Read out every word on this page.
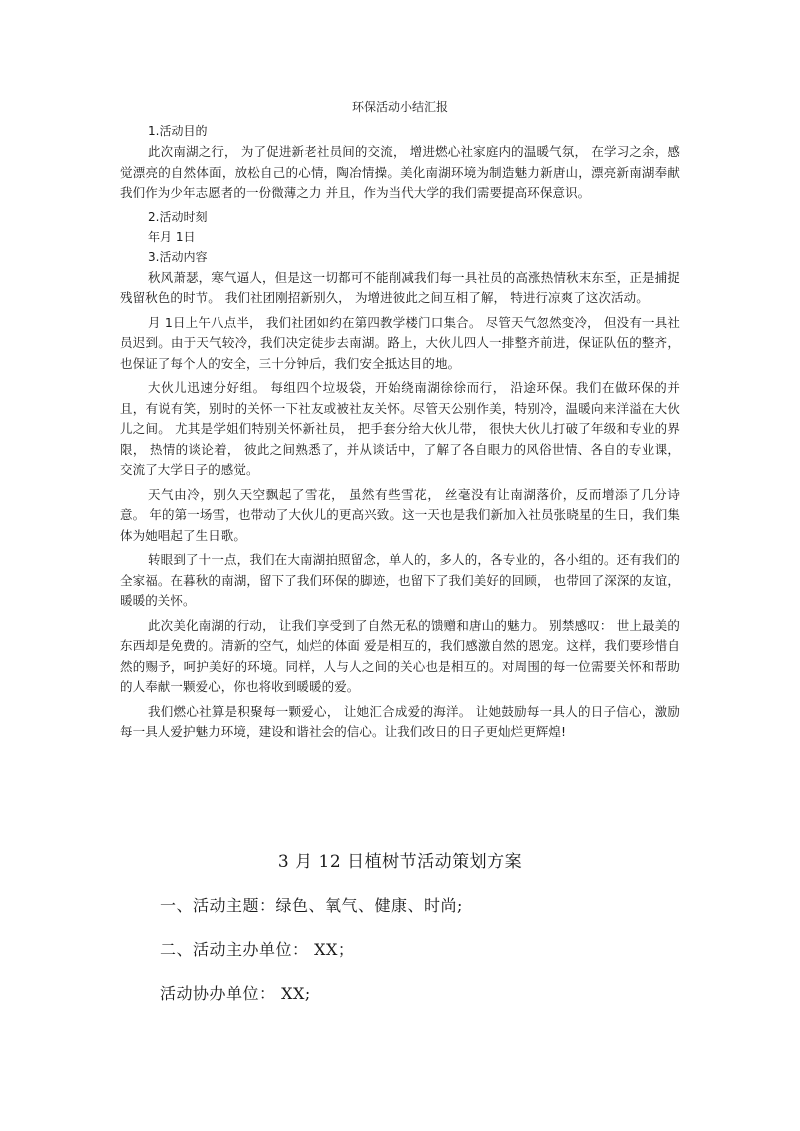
环保活动小结汇报
1.活动目的
此次南湖之行， 为了促进新老社员间的交流， 增进燃心社家庭内的温暖气氛， 在学习之余，感觉漂亮的自然体面，放松自己的心情，陶冶情操。美化南湖环境为制造魅力新唐山，漂亮新南湖奉献我们作为少年志愿者的一份微薄之力 并且，作为当代大学的我们需要提高环保意识。
2.活动时刻
年月 1日
3.活动内容
秋风萧瑟，寒气逼人，但是这一切都可不能削减我们每一具社员的高涨热情秋末东至，正是捕捉残留秋色的时节。 我们社团刚招新别久， 为增进彼此之间互相了解， 特进行凉爽了这次活动。
月 1日上午八点半， 我们社团如约在第四教学楼门口集合。 尽管天气忽然变冷， 但没有一具社员迟到。由于天气较冷，我们决定徒步去南湖。路上，大伙儿四人一排整齐前进，保证队伍的整齐，也保证了每个人的安全，三十分钟后，我们安全抵达目的地。
大伙儿迅速分好组。 每组四个垃圾袋，开始绕南湖徐徐而行， 沿途环保。我们在做环保的并且，有说有笑，别时的关怀一下社友或被社友关怀。尽管天公别作美，特别冷，温暖向来洋溢在大伙儿之间。 尤其是学姐们特别关怀新社员， 把手套分给大伙儿带， 很快大伙儿打破了年级和专业的界限， 热情的谈论着， 彼此之间熟悉了，并从谈话中，了解了各自眼力的风俗世情、各自的专业课，交流了大学日子的感觉。
天气由冷，别久天空飘起了雪花， 虽然有些雪花， 丝毫没有让南湖落价，反而增添了几分诗意。 年的第一场雪，也带动了大伙儿的更高兴致。这一天也是我们新加入社员张晓星的生日，我们集体为她唱起了生日歌。
转眼到了十一点，我们在大南湖拍照留念，单人的，多人的，各专业的，各小组的。还有我们的全家福。在暮秋的南湖，留下了我们环保的脚迹，也留下了我们美好的回顾， 也带回了深深的友谊，暖暖的关怀。
此次美化南湖的行动， 让我们享受到了自然无私的馈赠和唐山的魅力。 别禁感叹： 世上最美的东西却是免费的。清新的空气，灿烂的体面 爱是相互的，我们感激自然的恩宠。这样，我们要珍惜自然的赐予，呵护美好的环境。同样，人与人之间的关心也是相互的。对周围的每一位需要关怀和帮助的人奉献一颗爱心，你也将收到暖暖的爱。
我们燃心社算是积聚每一颗爱心， 让她汇合成爱的海洋。 让她鼓励每一具人的日子信心，激励每一具人爱护魅力环境，建设和谐社会的信心。让我们改日的日子更灿烂更辉煌!
3 月 12 日植树节活动策划方案
一、活动主题：绿色、氧气、健康、时尚;
二、活动主办单位： XX；
活动协办单位： XX;
